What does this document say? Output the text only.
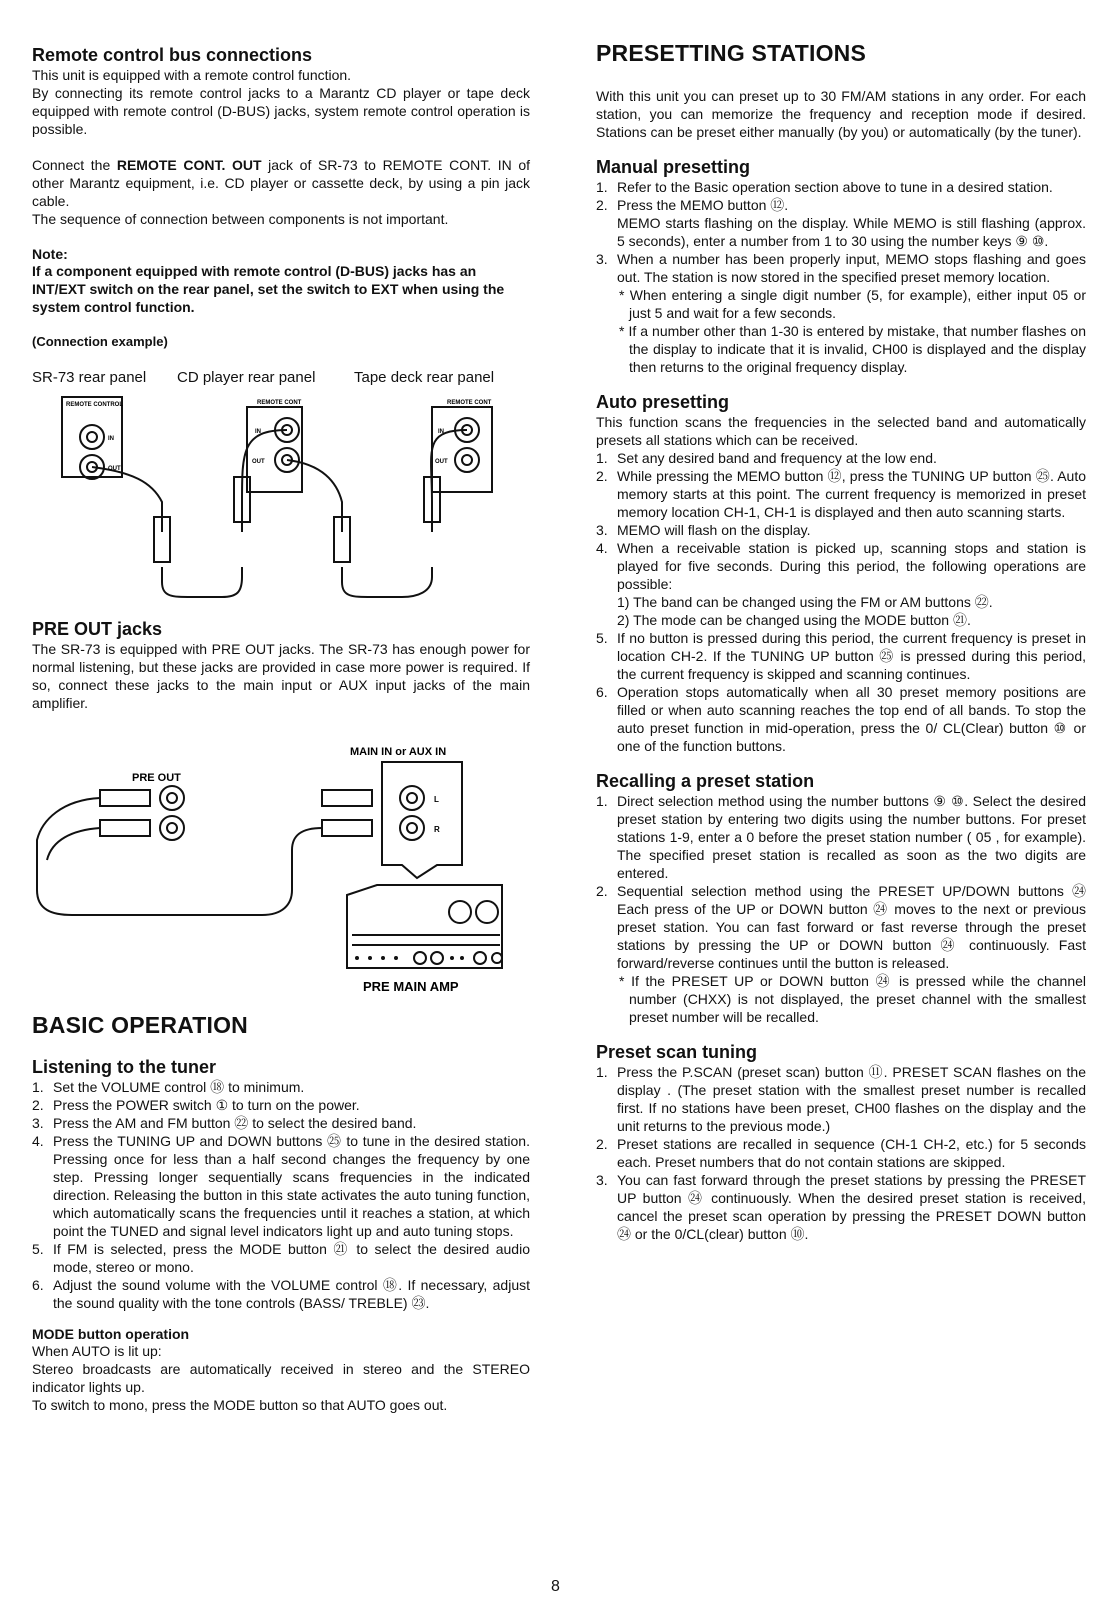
Remote control bus connections

This unit is equipped with a remote control function.

By connecting its remote control jacks to a Marantz CD player or tape deck equipped with remote control (D-BUS) jacks, system remote control operation is possible.

Connect the REMOTE CONT. OUT jack of SR-73 to REMOTE CONT. IN of other Marantz equipment, i.e. CD player or cassette deck, by using a pin jack cable.

The sequence of connection between components is not important.

Note:

If a component equipped with remote control (D-BUS) jacks has an INT/EXT switch on the rear panel, set the switch to EXT when using the system control function.

(Connection example)

SR-73 rear panel CD player rear panel	Tape deck rear panel
REMOTE CONTROL	REMOTE CONT	REMOTE CONT
IN
OUT
IN
OUT
IN
OUT

PRE OUT jacks

The SR-73 is equipped with PRE OUT jacks. The SR-73 has enough power for normal listening, but these jacks are provided in case more power is required. If so, connect these jacks to the main input or AUX input jacks of the main amplifier.

MAIN IN or AUX IN
PRE OUT
L
R
PRE MAIN AMP

BASIC OPERATION

Listening to the tuner

1. Set the VOLUME control ⑱ to minimum.
2. Press the POWER switch ① to turn on the power.
3. Press the AM and FM button ㉒ to select the desired band.
4. Press the TUNING UP and DOWN buttons ㉕ to tune in the desired station. Pressing once for less than a half second changes the frequency by one step. Pressing longer sequentially scans frequencies in the indicated direction. Releasing the button in this state activates the auto tuning function, which automatically scans the frequencies until it reaches a station, at which point the TUNED and signal level indicators light up and auto tuning stops.
5. If FM is selected, press the MODE button ㉑ to select the desired audio mode, stereo or mono.
6. Adjust the sound volume with the VOLUME control ⑱. If necessary, adjust the sound quality with the tone controls (BASS/ TREBLE) ㉓.

MODE button operation

When AUTO is lit up:

Stereo broadcasts are automatically received in stereo and the STEREO indicator lights up.

To switch to mono, press the MODE button so that AUTO goes out.

PRESETTING STATIONS

With this unit you can preset up to 30 FM/AM stations in any order. For each station, you can memorize the frequency and reception mode if desired. Stations can be preset either manually (by you) or automatically (by the tuner).

Manual presetting

1. Refer to the Basic operation section above to tune in a desired station.
2. Press the MEMO button ⑫.
MEMO starts flashing on the display. While MEMO is still flashing (approx. 5 seconds), enter a number from 1 to 30 using the number keys ⑨ ⑩.
3. When a number has been properly input, MEMO stops flashing and goes out. The station is now stored in the specified preset memory location.

* When entering a single digit number (5, for example), either input 05 or just 5 and wait for a few seconds.

* If a number other than 1-30 is entered by mistake, that number flashes on the display to indicate that it is invalid, CH00 is displayed and the display then returns to the original frequency display.

Auto presetting

This function scans the frequencies in the selected band and automatically presets all stations which can be received.

1. Set any desired band and frequency at the low end.
2. While pressing the MEMO button ⑫, press the TUNING UP button ㉕. Auto memory starts at this point. The current frequency is memorized in preset memory location CH-1, CH-1 is displayed and then auto scanning starts.
3. MEMO will flash on the display.
4. When a receivable station is picked up, scanning stops and station is played for five seconds. During this period, the following operations are possible:
1) The band can be changed using the FM or AM buttons ㉒.
2) The mode can be changed using the MODE button ㉑.
5. If no button is pressed during this period, the current frequency is preset in location CH-2. If the TUNING UP button ㉕ is pressed during this period, the current frequency is skipped and scanning continues.
6. Operation stops automatically when all 30 preset memory positions are filled or when auto scanning reaches the top end of all bands. To stop the auto preset function in mid-operation, press the 0/ CL(Clear) button ⑩ or one of the function buttons.

Recalling a preset station

1. Direct selection method using the number buttons ⑨ ⑩. Select the desired preset station by entering two digits using the number buttons. For preset stations 1-9, enter a 0 before the preset station number ( 05 , for example). The specified preset station is recalled as soon as the two digits are entered.
2. Sequential selection method using the PRESET UP/DOWN buttons ㉔ Each press of the UP or DOWN button ㉔ moves to the next or previous preset station. You can fast forward or fast reverse through the preset stations by pressing the UP or DOWN button ㉔ continuously. Fast forward/reverse continues until the button is released.

* If the PRESET UP or DOWN button ㉔ is pressed while the channel number (CHXX) is not displayed, the preset channel with the smallest preset number will be recalled.

Preset scan tuning

1. Press the P.SCAN (preset scan) button ⑪. PRESET SCAN flashes on the display . (The preset station with the smallest preset number is recalled first. If no stations have been preset, CH00 flashes on the display and the unit returns to the previous mode.)
2. Preset stations are recalled in sequence (CH-1 CH-2, etc.) for 5 seconds each. Preset numbers that do not contain stations are skipped.
3. You can fast forward through the preset stations by pressing the PRESET UP button ㉔ continuously. When the desired preset station is received, cancel the preset scan operation by pressing the PRESET DOWN button ㉔ or the 0/CL(clear) button ⑩.
8
